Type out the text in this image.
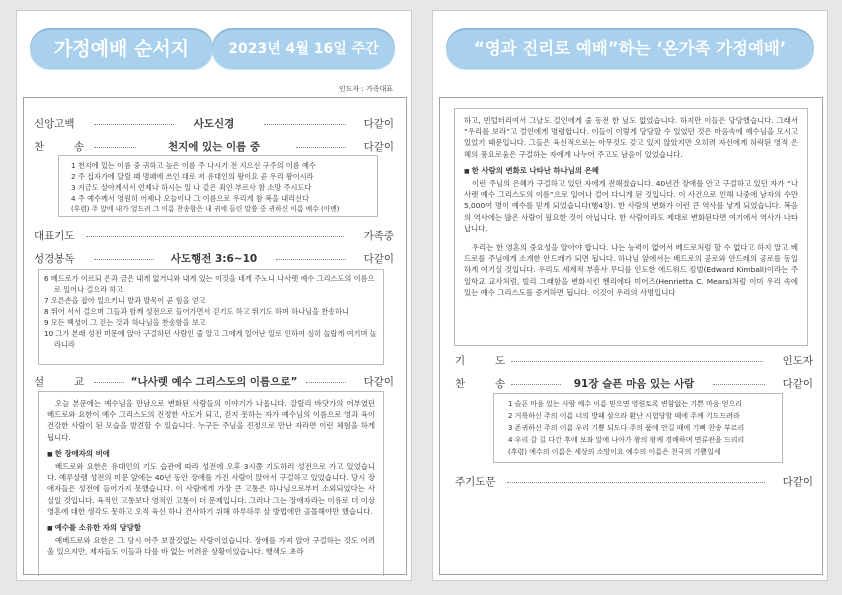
가정예배 순서지	2023년 4월 16일 주간
인도자 : 가족대표
신앙고백	사도신경	다같이
찬	송	천지에 있는 이름 중	다같이

1 천지에 있는 이름 중 귀하고 높은 이름 주 나시기 전 지으신 구주의 이름 예수

2 주 십자가에 달릴 때 명패에 쓰인 대로 저 유대인의 왕이요 곧 우리 왕이시라

3 지금도 살아계셔서 언제나 하시는 일 나 같은 죄인 부르사 참 소망 주시도다

4 주 예수께서 영원히 어제나 오늘이나 그 이름으로 우리게 참 복을 내리신다

(후렴) 주 앞에 내가 엎드려 그 이름 찬송함은 내 귀에 들린 말씀 중 귀하신 이름 예수 (아멘)

대표기도	가족중
성경봉독	사도행전 3:6~10	다같이

6 베드로가 이르되 은과 금은 내게 없거니와 내게 있는 이것을 네게 주노니 나사렛 예수 그리스도의 이름으로 일어나 걸으라 하고

7 오른손을 잡아 일으키니 발과 발목이 곧 힘을 얻고

8 뛰어 서서 걸으며 그들과 함께 성전으로 들어가면서 걷기도 하고 뛰기도 하며 하나님을 찬송하니

9 모든 백성이 그 걷는 것과 하나님을 찬송함을 보고

10 그가 본래 성전 미문에 앉아 구걸하던 사람인 줄 알고 그에게 일어난 일로 인하여 심히 놀랍게 여기며 놀라니라

설	교	“나사렛 예수 그리스도의 이름으로”	다같이

오늘 본문에는 예수님을 만남으로 변화된 사람들의 이야기가 나옵니다. 갈릴리 바닷가의 어부였던 베드로와 요한이 예수 그리스도의 진정한 사도가 되고, 걷지 못하는 자가 예수님의 이름으로 영과 육이 건강한 사람이 된 모습을 발견할 수 있습니다. 누구든 주님을 진정으로 만난 자라면 이런 체험을 하게 됩니다.

■ 한 장애자의 비애

베드로와 요한은 유대인의 기도 습관에 따라 성전에 오후 3시쯤 기도하러 성전으로 가고 있었습니다. 예루살렘 성전의 미문 앞에는 40년 동안 장애를 가진 사람이 앉아서 구걸하고 있었습니다. 당시 장애자들은 성전에 들어가지 못했습니다. 이 사람에게 가장 큰 고통은 하나님으로부터 소외되었다는 사실일 것입니다. 육적인 고통보다 영적인 고통이 더 문제입니다. 그러나 그는 장애자라는 이유로 더 이상 영혼에 대한 생각도 못하고 오직 육신 하나 건사하기 위해 하루하루 살 방법에만 골몰해야만 했습니다.

■ 예수를 소유한 자의 당당함

예베드로와 요한은 그 당시 아주 보잘것없는 사람이었습니다. 장애를 가져 앉아 구걸하는 것도 어려울 있으지만, 제자들도 이들과 다를 바 없는 어려운 상황이었습니다. 행색도 초라

“영과 진리로 예배”하는 ‘온가족 가정예배’

하고, 빈털터리여서 그날도 걸인에게 줄 동전 한 닢도 없었습니다. 하지만 이들은 당당했습니다. 그래서 “우리를 보라”고 걸인에게 명령합니다. 이들이 이렇게 당당할 수 있었던 것은 마음속에 예수님을 모시고 있었기 때문입니다. 그들은 육신적으로는 아무것도 갖고 있지 않았지만 오히려 자신에게 허락된 영적 은혜의 풍요로움은 구걸하는 자에게 나누어 주고도 남음이 있었습니다.

■ 한 사람의 변화로 나타난 하나님의 은혜

이런 주님의 은혜가 구걸하고 있던 자에게 전해졌습니다. 40년간 장애를 안고 구걸하고 있던 자가 “나사렛 예수 그리스도의 이름”으로 일어나 걸어 다니게 된 것입니다. 이 사건으로 인해 나중에 남자의 수만 5,000여 명이 예수를 믿게 되었습니다(행4장). 한 사람의 변화가 이런 큰 역사를 낳게 되었습니다. 복음의 역사에는 많은 사람이 필요한 것이 아닙니다. 한 사람이라도 제대로 변화된다면 여기에서 역사가 나타납니다.

우리는 한 영혼의 중요성을 알아야 합니다. 나는 능력이 없어서 베드로처럼 할 수 없다고 하지 말고 베드로를 주님에게 소개한 안드레가 되면 됩니다. 하나님 앞에서는 베드로의 공로와 안드레의 공로를 동일하게 여기실 것입니다. 우리도 세계적 부흥사 무디를 인도한 에드워드 킴벌(Edward Kimball)이라는 주일학교 교사처럼, 빌리 그래함을 변화시킨 헨리에타 미어즈(Henrietta C. Mears)처럼 이미 우리 속에 있는 예수 그리스도를 증거하면 됩니다. 이것이 우리의 사명입니다

기	도	인도자
찬	송	91장 슬픈 마음 있는 사람	다같이

1 슬픈 마음 있는 사람 예수 이름 믿으면 영원토록 변함없는 기쁜 마음 얻으리

2 거룩하신 주의 이름 너의 방패 삼으라 환난 시험당할 때에 주께 기도드려라

3 존귀하신 주의 이름 우리 기쁨 되도다 주의 품에 안길 때에 기뻐 찬송 부르리

4 우리 갈 길 다간 후에 보좌 앞에 나아가 왕의 왕께 경배하며 면류관을 드리리

(후렴) 예수의 이름은 세상의 소망이요 예수의 이름은 천국의 기쁨일세

주기도문	다같이
